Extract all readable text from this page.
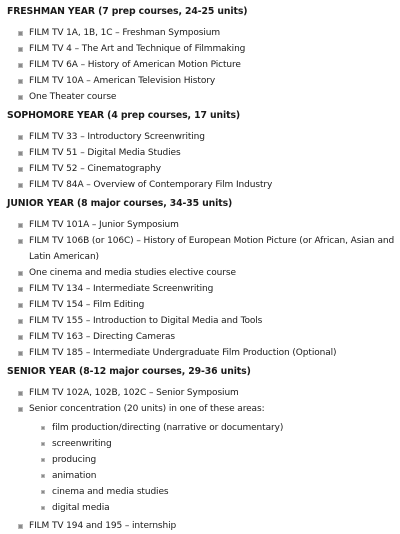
FRESHMAN YEAR (7 prep courses, 24-25 units)
FILM TV 1A, 1B, 1C – Freshman Symposium
FILM TV 4 – The Art and Technique of Filmmaking
FILM TV 6A – History of American Motion Picture
FILM TV 10A – American Television History
One Theater course
SOPHOMORE YEAR (4 prep courses, 17 units)
FILM TV 33 – Introductory Screenwriting
FILM TV 51 – Digital Media Studies
FILM TV 52 – Cinematography
FILM TV 84A – Overview of Contemporary Film Industry
JUNIOR YEAR (8 major courses, 34-35 units)
FILM TV 101A – Junior Symposium
FILM TV 106B (or 106C) – History of European Motion Picture (or African, Asian and Latin American)
One cinema and media studies elective course
FILM TV 134 – Intermediate Screenwriting
FILM TV 154 – Film Editing
FILM TV 155 – Introduction to Digital Media and Tools
FILM TV 163 – Directing Cameras
FILM TV 185 – Intermediate Undergraduate Film Production (Optional)
SENIOR YEAR (8-12 major courses, 29-36 units)
FILM TV 102A, 102B, 102C – Senior Symposium
Senior concentration (20 units) in one of these areas:
film production/directing (narrative or documentary)
screenwriting
producing
animation
cinema and media studies
digital media
FILM TV 194 and 195 – internship
